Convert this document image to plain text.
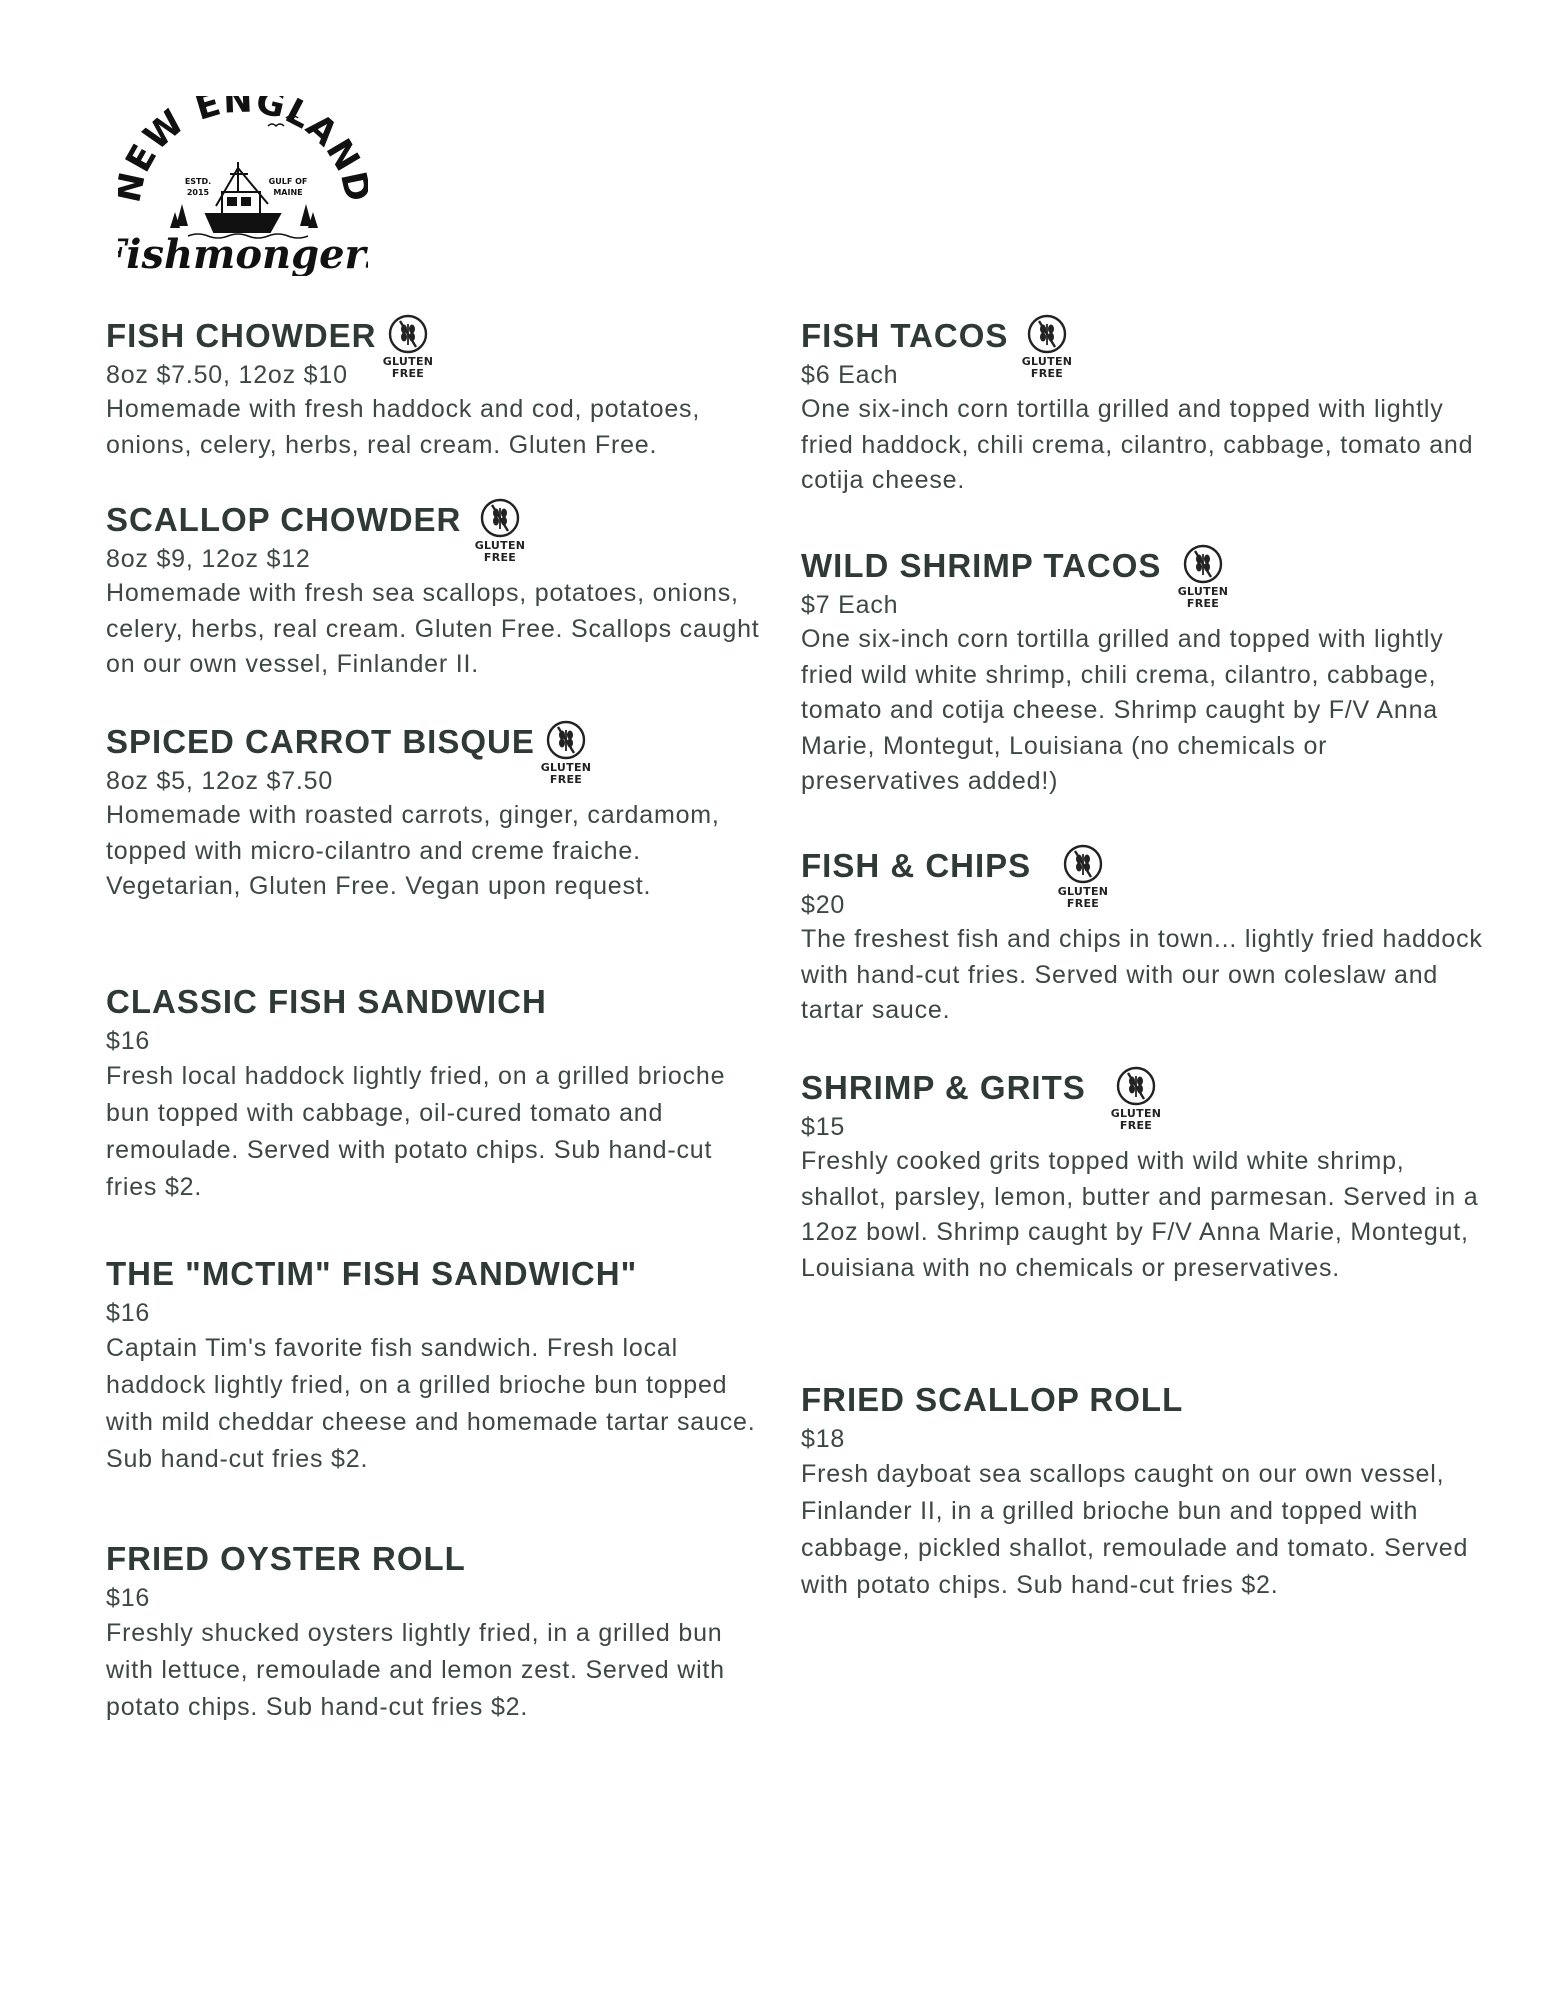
EW ENGLAN
ESTD.
2015
GULF OF
MAINE
ishmonger
FISH CHOWDER
GLUTEN
FREE
8oz $7.50, 12oz $10
Homemade with fresh haddock and cod, potatoes, onions, celery, herbs, real cream. Gluten Free.
SCALLOP CHOWDER
GLUTEN
FREE
8oz $9, 12oz $12
Homemade with fresh sea scallops, potatoes, onions, celery, herbs, real cream. Gluten Free. Scallops caught on our own vessel, Finlander II.
SPICED CARROT BISQUE
GLUTEN
FREE
8oz $5, 12oz $7.50
Homemade with roasted carrots, ginger, cardamom, topped with micro-cilantro and creme fraiche. Vegetarian, Gluten Free. Vegan upon request.
CLASSIC FISH SANDWICH
$16
Fresh local haddock lightly fried, on a grilled brioche bun topped with cabbage, oil-cured tomato and remoulade. Served with potato chips. Sub hand-cut fries $2.
THE "MCTIM" FISH SANDWICH"
$16
Captain Tim's favorite fish sandwich. Fresh local haddock lightly fried, on a grilled brioche bun topped with mild cheddar cheese and homemade tartar sauce. Sub hand-cut fries $2.
FRIED OYSTER ROLL
$16
Freshly shucked oysters lightly fried, in a grilled bun with lettuce, remoulade and lemon zest. Served with potato chips. Sub hand-cut fries $2.
FISH TACOS
GLUTEN
FREE
$6 Each
One six-inch corn tortilla grilled and topped with lightly fried haddock, chili crema, cilantro, cabbage, tomato and cotija cheese.
WILD SHRIMP TACOS
GLUTEN
FREE
$7 Each
One six-inch corn tortilla grilled and topped with lightly fried wild white shrimp, chili crema, cilantro, cabbage, tomato and cotija cheese. Shrimp caught by F/V Anna Marie, Montegut, Louisiana (no chemicals or preservatives added!)
FISH & CHIPS
GLUTEN
FREE
$20
The freshest fish and chips in town... lightly fried haddock with hand-cut fries. Served with our own coleslaw and tartar sauce.
SHRIMP & GRITS
GLUTEN
FREE
$15
Freshly cooked grits topped with wild white shrimp, shallot, parsley, lemon, butter and parmesan. Served in a 12oz bowl. Shrimp caught by F/V Anna Marie, Montegut, Louisiana with no chemicals or preservatives.
FRIED SCALLOP ROLL
$18
Fresh dayboat sea scallops caught on our own vessel, Finlander II, in a grilled brioche bun and topped with cabbage, pickled shallot, remoulade and tomato. Served with potato chips. Sub hand-cut fries $2.
